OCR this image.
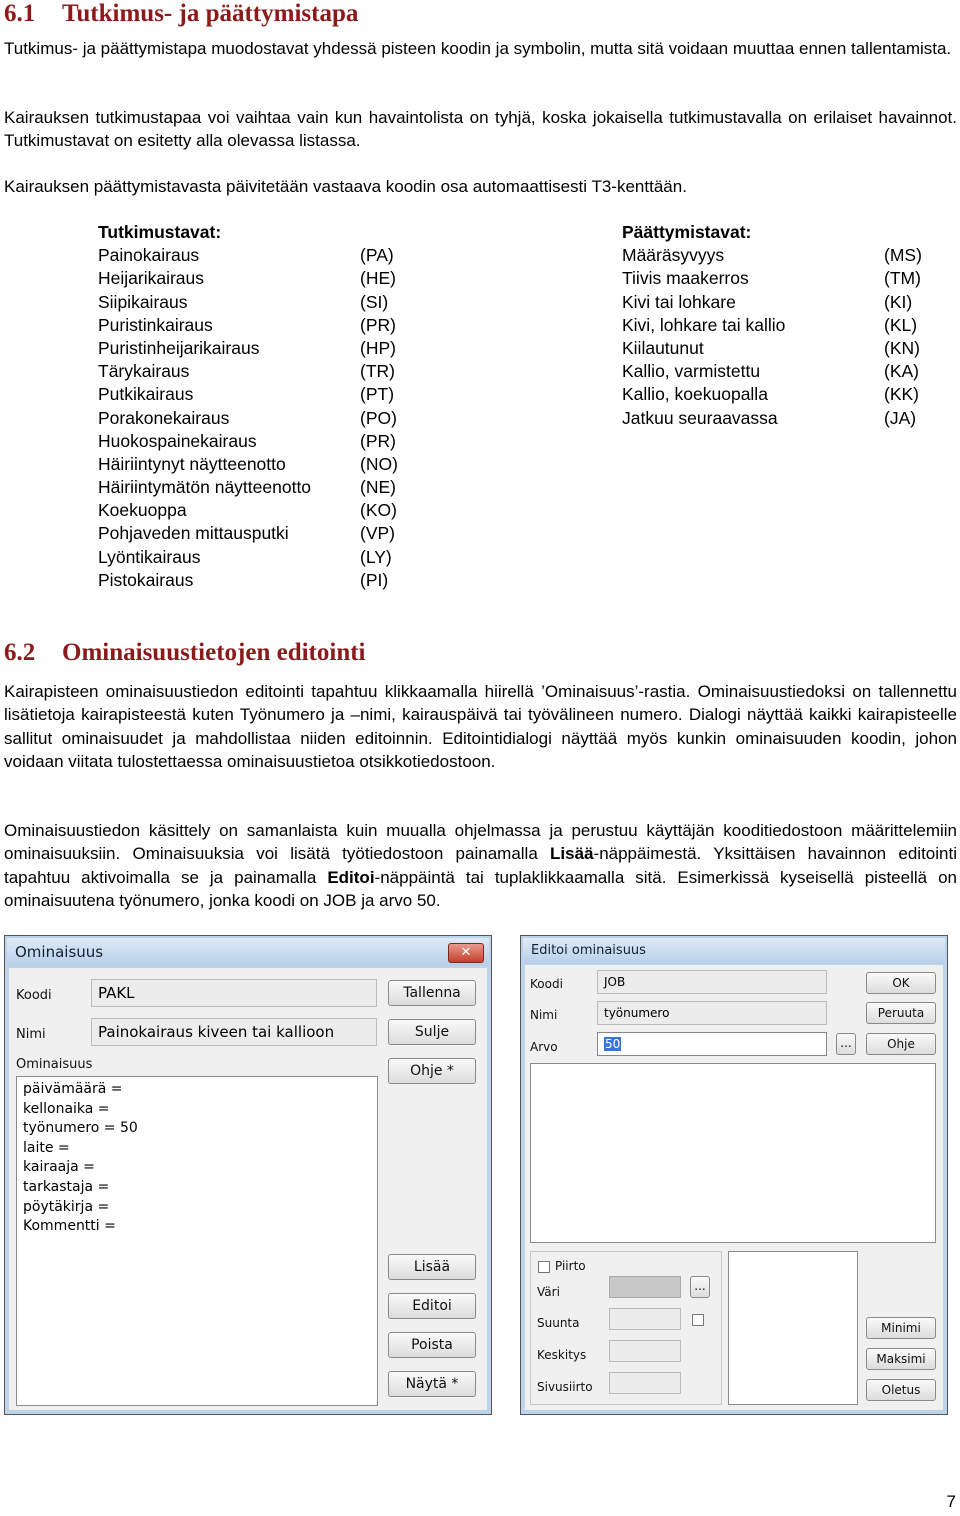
6.1 Tutkimus- ja päättymistapa

Tutkimus- ja päättymistapa muodostavat yhdessä pisteen koodin ja symbolin, mutta sitä voidaan muuttaa ennen tallentamista.

Kairauksen tutkimustapaa voi vaihtaa vain kun havaintolista on tyhjä, koska jokaisella tutkimustavalla on erilaiset havainnot. Tutkimustavat on esitetty alla olevassa listassa.

Kairauksen päättymistavasta päivitetään vastaava koodin osa automaattisesti T3-kenttään.

Tutkimustavat:
Painokairaus	(PA)
Heijarikairaus	(HE)
Siipikairaus	(SI)
Puristinkairaus	(PR)
Puristinheijarikairaus	(HP)
Tärykairaus	(TR)
Putkikairaus	(PT)
Porakonekairaus	(PO)
Huokospainekairaus	(PR)
Häiriintynyt näytteenotto	(NO)
Häiriintymätön näytteenotto	(NE)
Koekuoppa	(KO)
Pohjaveden mittausputki	(VP)
Lyöntikairaus	(LY)
Pistokairaus	(PI)
Päättymistavat:
Määräsyvyys	(MS)
Tiivis maakerros	(TM)
Kivi tai lohkare	(KI)
Kivi, lohkare tai kallio	(KL)
Kiilautunut	(KN)
Kallio, varmistettu	(KA)
Kallio, koekuopalla	(KK)
Jatkuu seuraavassa	(JA)
6.2 Ominaisuustietojen editointi

Kairapisteen ominaisuustiedon editointi tapahtuu klikkaamalla hiirellä ’Ominaisuus’-rastia. Ominaisuustiedoksi on tallennettu lisätietoja kairapisteestä kuten Työnumero ja –nimi, kairauspäivä tai työvälineen numero. Dialogi näyttää kaikki kairapisteelle sallitut ominaisuudet ja mahdollistaa niiden editoinnin. Editointidialogi näyttää myös kunkin ominaisuuden koodin, johon voidaan viitata tulostettaessa ominaisuustietoa otsikkotiedostoon.

Ominaisuustiedon käsittely on samanlaista kuin muualla ohjelmassa ja perustuu käyttäjän kooditiedostoon määrittelemiin ominaisuuksiin. Ominaisuuksia voi lisätä työtiedostoon painamalla Lisää-näppäimestä. Yksittäisen havainnon editointi tapahtuu aktivoimalla se ja painamalla Editoi-näppäintä tai tuplaklikkaamalla sitä. Esimerkissä kyseisellä pisteellä on ominaisuutena työnumero, jonka koodi on JOB ja arvo 50.

Ominaisuus	✕
Koodi	PAKL
Nimi	Painokairaus kiveen tai kallioon
Ominaisuus
päivämäärä =
kellonaika =
työnumero = 50
laite =
kairaaja =
tarkastaja =
pöytäkirja =
Kommentti =
Tallenna
Sulje
Ohje *
Lisää
Editoi
Poista
Näytä *
Editoi ominaisuus
Koodi	JOB
Nimi	työnumero
Arvo	50	...
OK
Peruuta
Ohje
Piirto
Väri	...
Suunta
Keskitys
Sivusiirto
Minimi
Maksimi
Oletus
7
